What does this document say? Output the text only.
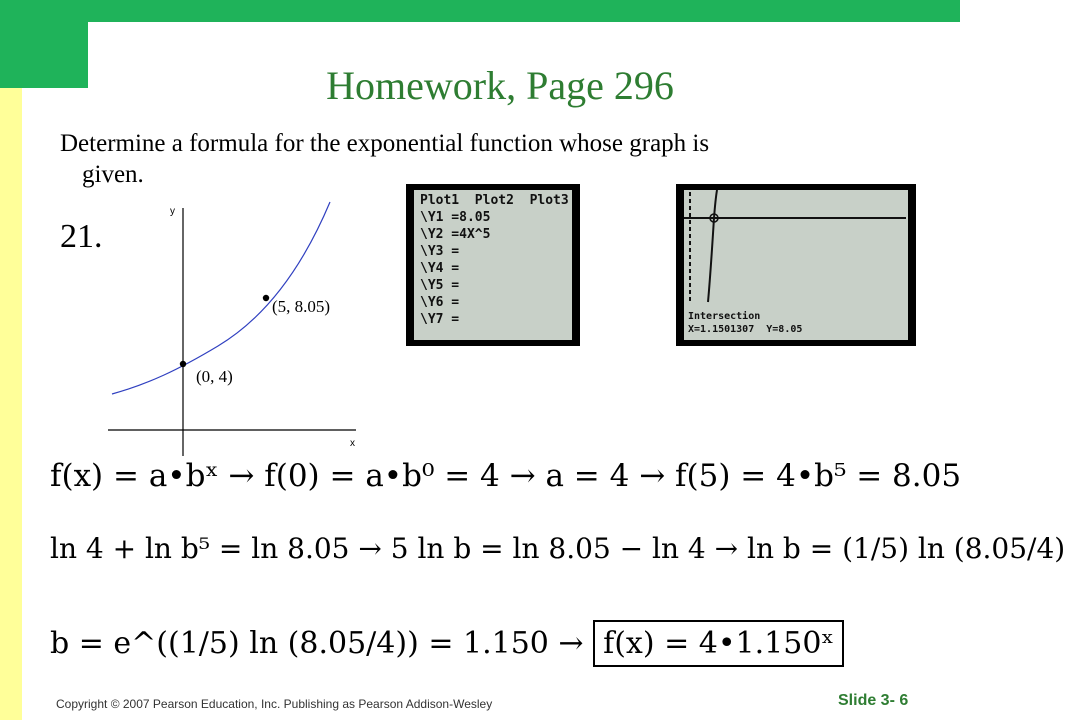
Homework, Page 296
Determine a formula for the exponential function whose graph is
given.
21.
y
x
(5, 8.05)
(0, 4)
Plot1  Plot2  Plot3
\Y1 =8.05
\Y2 =4X^5
\Y3 =
\Y4 =
\Y5 =
\Y6 =
\Y7 =	Intersection
X=1.1501307  Y=8.05
f(x) = a•bˣ → f(0) = a•b⁰ = 4 → a = 4 → f(5) = 4•b⁵ = 8.05
ln 4 + ln b⁵ = ln 8.05 → 5 ln b = ln 8.05 − ln 4 → ln b = (1/5) ln (8.05/4)
b = e^((1/5) ln (8.05/4)) = 1.150 → f(x) = 4•1.150ˣ
Copyright © 2007 Pearson Education, Inc. Publishing as Pearson Addison-Wesley	Slide 3- 6
